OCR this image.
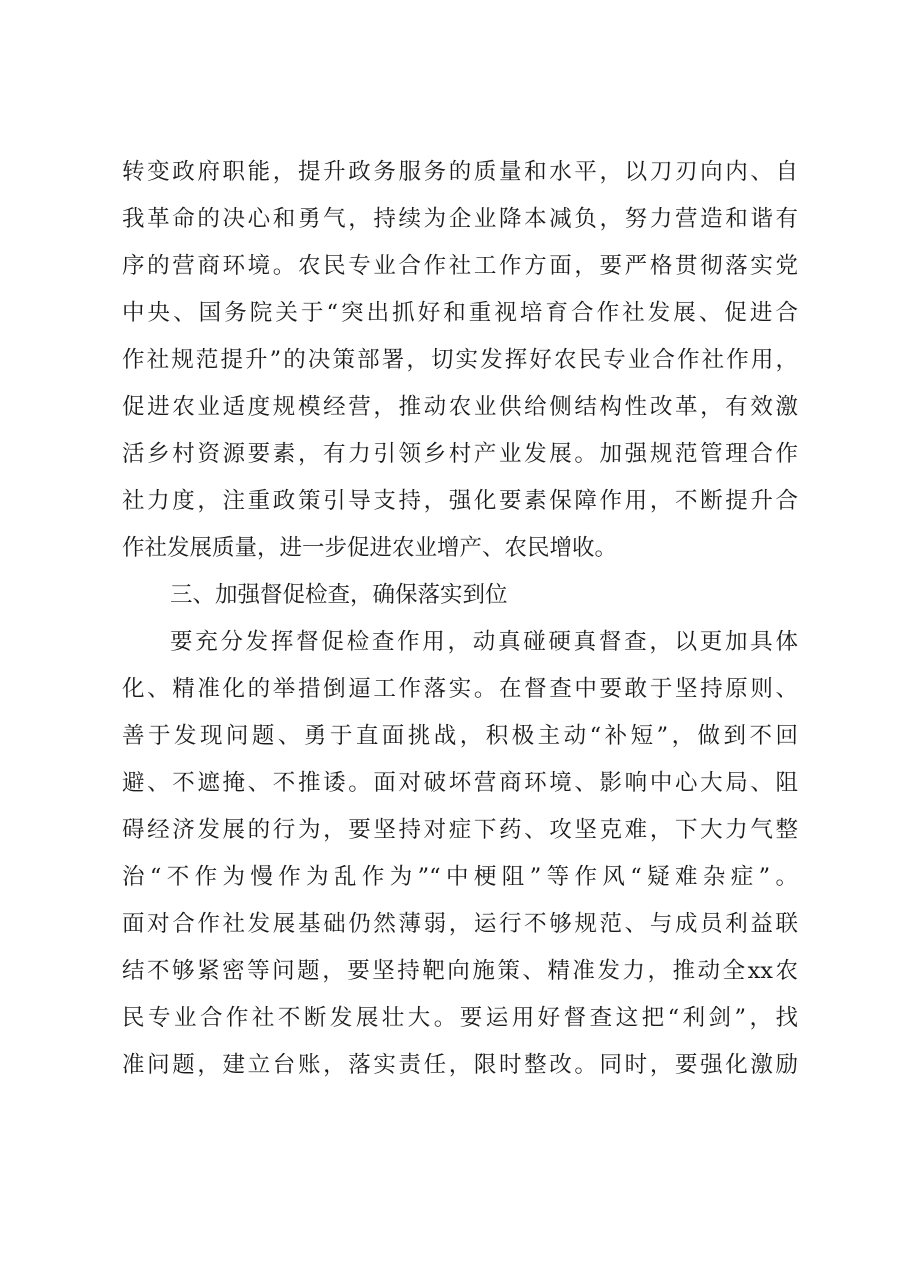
转变政府职能，提升政务服务的质量和水平，以刀刃向内、自
我革命的决心和勇气，持续为企业降本减负，努力营造和谐有
序的营商环境。农民专业合作社工作方面，要严格贯彻落实党
中央、国务院关于“突出抓好和重视培育合作社发展、促进合
作社规范提升”的决策部署，切实发挥好农民专业合作社作用，
促进农业适度规模经营，推动农业供给侧结构性改革，有效激
活乡村资源要素，有力引领乡村产业发展。加强规范管理合作
社力度，注重政策引导支持，强化要素保障作用，不断提升合
作社发展质量，进一步促进农业增产、农民增收。
三、加强督促检查，确保落实到位
要充分发挥督促检查作用，动真碰硬真督查，以更加具体
化、精准化的举措倒逼工作落实。在督查中要敢于坚持原则、
善于发现问题、勇于直面挑战，积极主动“补短”，做到不回
避、不遮掩、不推诿。面对破坏营商环境、影响中心大局、阻
碍经济发展的行为，要坚持对症下药、攻坚克难，下大力气整
治“不作为慢作为乱作为”“中梗阻”等作风“疑难杂症”。
面对合作社发展基础仍然薄弱，运行不够规范、与成员利益联
结不够紧密等问题，要坚持靶向施策、精准发力，推动全xx农
民专业合作社不断发展壮大。要运用好督查这把“利剑”，找
准问题，建立台账，落实责任，限时整改。同时，要强化激励
